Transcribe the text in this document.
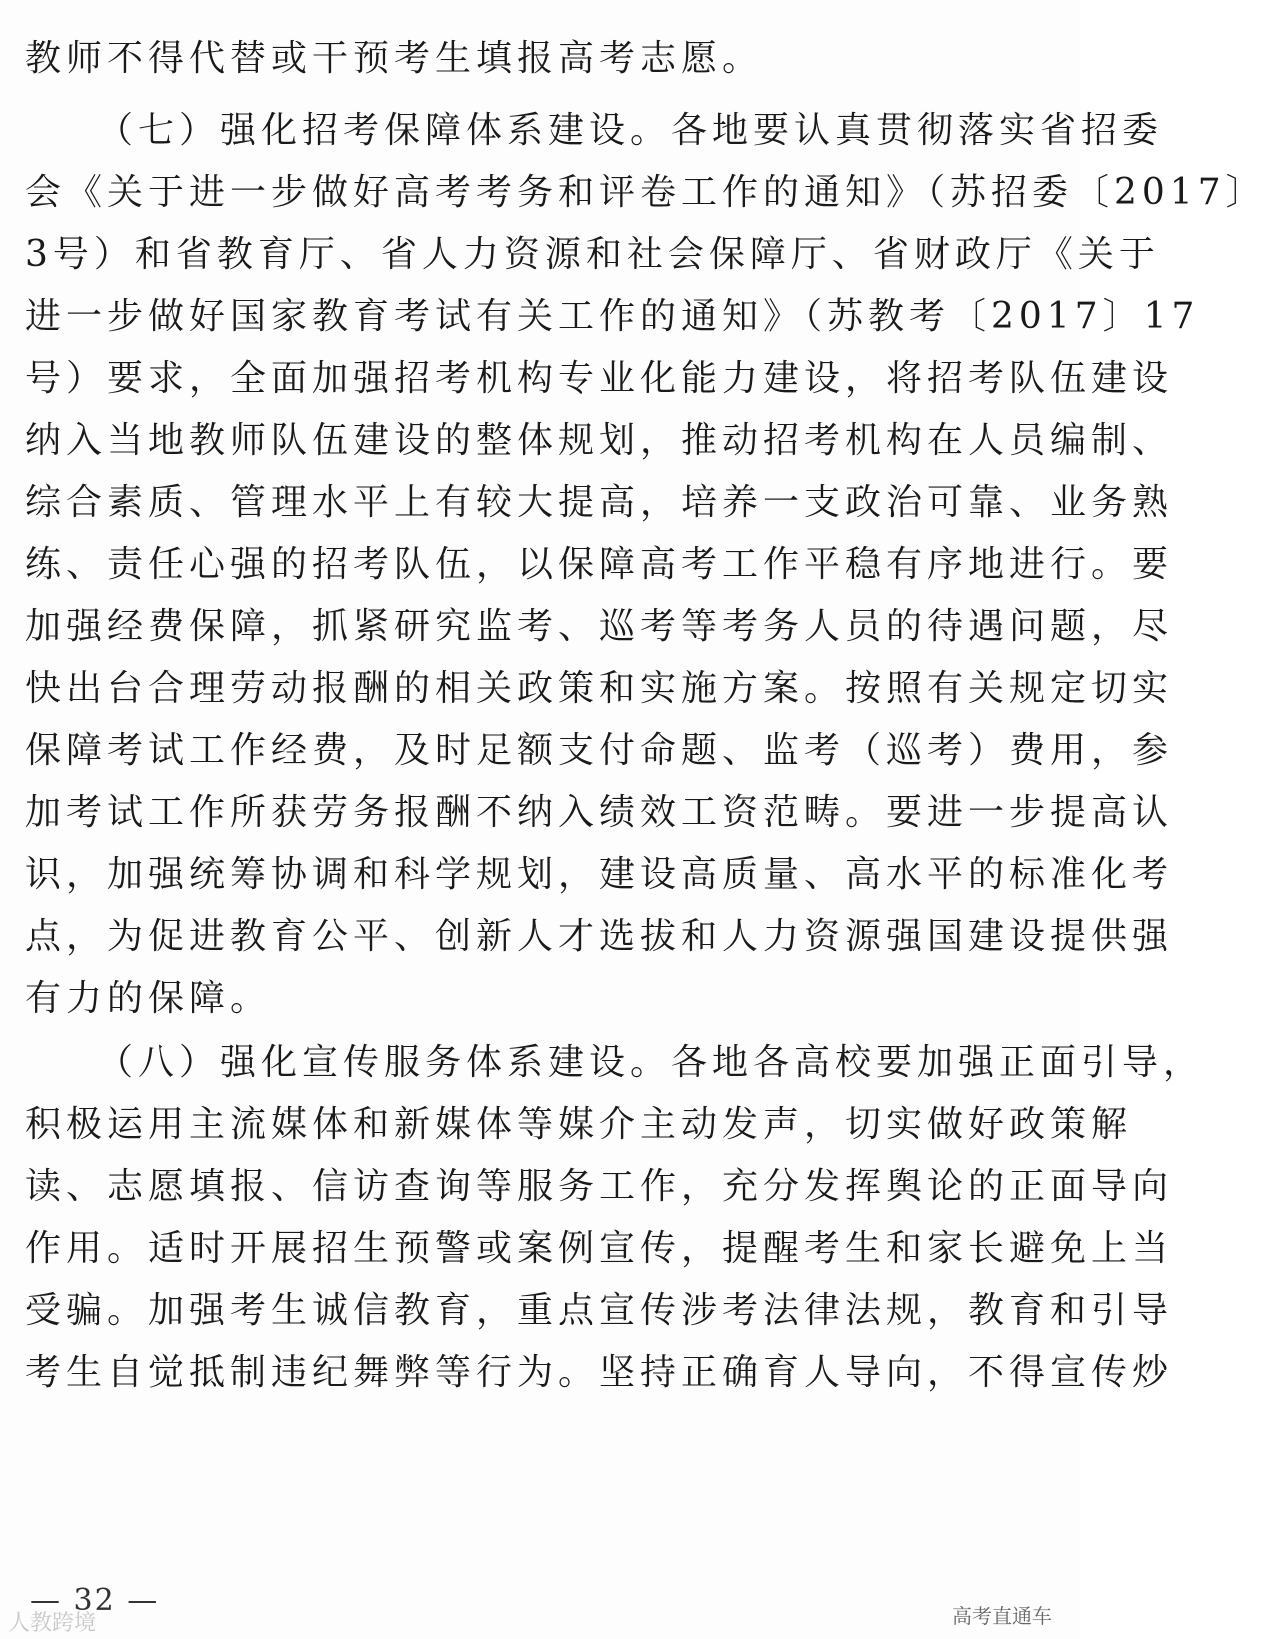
教师不得代替或干预考生填报高考志愿。
（七）强化招考保障体系建设。各地要认真贯彻落实省招委
会《关于进一步做好高考考务和评卷工作的通知》（苏招委〔2017〕
3号）和省教育厅、省人力资源和社会保障厅、省财政厅《关于
进一步做好国家教育考试有关工作的通知》（苏教考〔2017〕17
号）要求，全面加强招考机构专业化能力建设，将招考队伍建设
纳入当地教师队伍建设的整体规划，推动招考机构在人员编制、
综合素质、管理水平上有较大提高，培养一支政治可靠、业务熟
练、责任心强的招考队伍，以保障高考工作平稳有序地进行。要
加强经费保障，抓紧研究监考、巡考等考务人员的待遇问题，尽
快出台合理劳动报酬的相关政策和实施方案。按照有关规定切实
保障考试工作经费，及时足额支付命题、监考（巡考）费用，参
加考试工作所获劳务报酬不纳入绩效工资范畴。要进一步提高认
识，加强统筹协调和科学规划，建设高质量、高水平的标准化考
点，为促进教育公平、创新人才选拔和人力资源强国建设提供强
有力的保障。
（八）强化宣传服务体系建设。各地各高校要加强正面引导，
积极运用主流媒体和新媒体等媒介主动发声，切实做好政策解
读、志愿填报、信访查询等服务工作，充分发挥舆论的正面导向
作用。适时开展招生预警或案例宣传，提醒考生和家长避免上当
受骗。加强考生诚信教育，重点宣传涉考法律法规，教育和引导
考生自觉抵制违纪舞弊等行为。坚持正确育人导向，不得宣传炒
— 32 —
人教跨境	高考直通车
